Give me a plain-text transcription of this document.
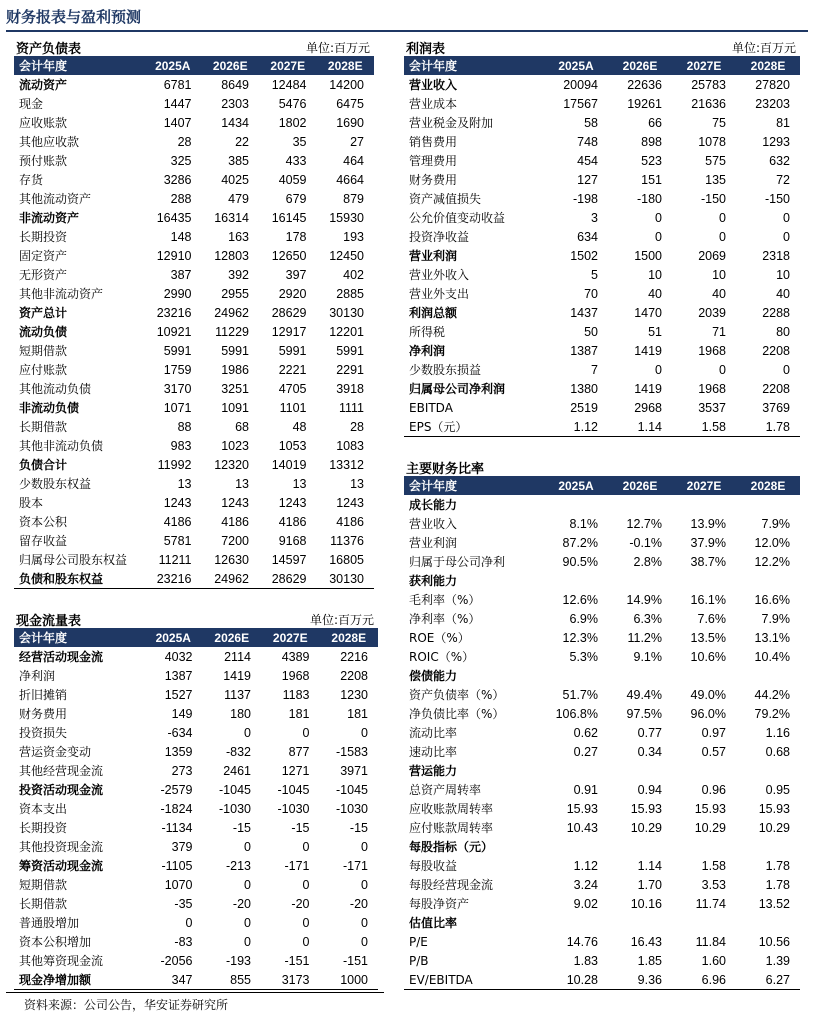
财务报表与盈利预测
资产负债表	单位:百万元
会计年度	2025A	2026E	2027E	2028E
流动资产	6781	8649	12484	14200
现金	1447	2303	5476	6475
应收账款	1407	1434	1802	1690
其他应收款	28	22	35	27
预付账款	325	385	433	464
存货	3286	4025	4059	4664
其他流动资产	288	479	679	879
非流动资产	16435	16314	16145	15930
长期投资	148	163	178	193
固定资产	12910	12803	12650	12450
无形资产	387	392	397	402
其他非流动资产	2990	2955	2920	2885
资产总计	23216	24962	28629	30130
流动负债	10921	11229	12917	12201
短期借款	5991	5991	5991	5991
应付账款	1759	1986	2221	2291
其他流动负债	3170	3251	4705	3918
非流动负债	1071	1091	1101	1111
长期借款	88	68	48	28
其他非流动负债	983	1023	1053	1083
负债合计	11992	12320	14019	13312
少数股东权益	13	13	13	13
股本	1243	1243	1243	1243
资本公积	4186	4186	4186	4186
留存收益	5781	7200	9168	11376
归属母公司股东权益	11211	12630	14597	16805
负债和股东权益	23216	24962	28629	30130
利润表	单位:百万元
会计年度	2025A	2026E	2027E	2028E
营业收入	20094	22636	25783	27820
营业成本	17567	19261	21636	23203
营业税金及附加	58	66	75	81
销售费用	748	898	1078	1293
管理费用	454	523	575	632
财务费用	127	151	135	72
资产减值损失	-198	-180	-150	-150
公允价值变动收益	3	0	0	0
投资净收益	634	0	0	0
营业利润	1502	1500	2069	2318
营业外收入	5	10	10	10
营业外支出	70	40	40	40
利润总额	1437	1470	2039	2288
所得税	50	51	71	80
净利润	1387	1419	1968	2208
少数股东损益	7	0	0	0
归属母公司净利润	1380	1419	1968	2208
EBITDA	2519	2968	3537	3769
EPS（元）	1.12	1.14	1.58	1.78
主要财务比率
会计年度	2025A	2026E	2027E	2028E
成长能力				
营业收入	8.1%	12.7%	13.9%	7.9%
营业利润	87.2%	-0.1%	37.9%	12.0%
归属于母公司净利	90.5%	2.8%	38.7%	12.2%
获利能力				
毛利率（%）	12.6%	14.9%	16.1%	16.6%
净利率（%）	6.9%	6.3%	7.6%	7.9%
ROE（%）	12.3%	11.2%	13.5%	13.1%
ROIC（%）	5.3%	9.1%	10.6%	10.4%
偿债能力				
资产负债率（%）	51.7%	49.4%	49.0%	44.2%
净负债比率（%）	106.8%	97.5%	96.0%	79.2%
流动比率	0.62	0.77	0.97	1.16
速动比率	0.27	0.34	0.57	0.68
营运能力				
总资产周转率	0.91	0.94	0.96	0.95
应收账款周转率	15.93	15.93	15.93	15.93
应付账款周转率	10.43	10.29	10.29	10.29
每股指标（元）				
每股收益	1.12	1.14	1.58	1.78
每股经营现金流	3.24	1.70	3.53	1.78
每股净资产	9.02	10.16	11.74	13.52
估值比率				
P/E	14.76	16.43	11.84	10.56
P/B	1.83	1.85	1.60	1.39
EV/EBITDA	10.28	9.36	6.96	6.27
现金流量表	单位:百万元
会计年度	2025A	2026E	2027E	2028E
经营活动现金流	4032	2114	4389	2216
净利润	1387	1419	1968	2208
折旧摊销	1527	1137	1183	1230
财务费用	149	180	181	181
投资损失	-634	0	0	0
营运资金变动	1359	-832	877	-1583
其他经营现金流	273	2461	1271	3971
投资活动现金流	-2579	-1045	-1045	-1045
资本支出	-1824	-1030	-1030	-1030
长期投资	-1134	-15	-15	-15
其他投资现金流	379	0	0	0
筹资活动现金流	-1105	-213	-171	-171
短期借款	1070	0	0	0
长期借款	-35	-20	-20	-20
普通股增加	0	0	0	0
资本公积增加	-83	0	0	0
其他筹资现金流	-2056	-193	-151	-151
现金净增加额	347	855	3173	1000
资料来源：公司公告，华安证券研究所
